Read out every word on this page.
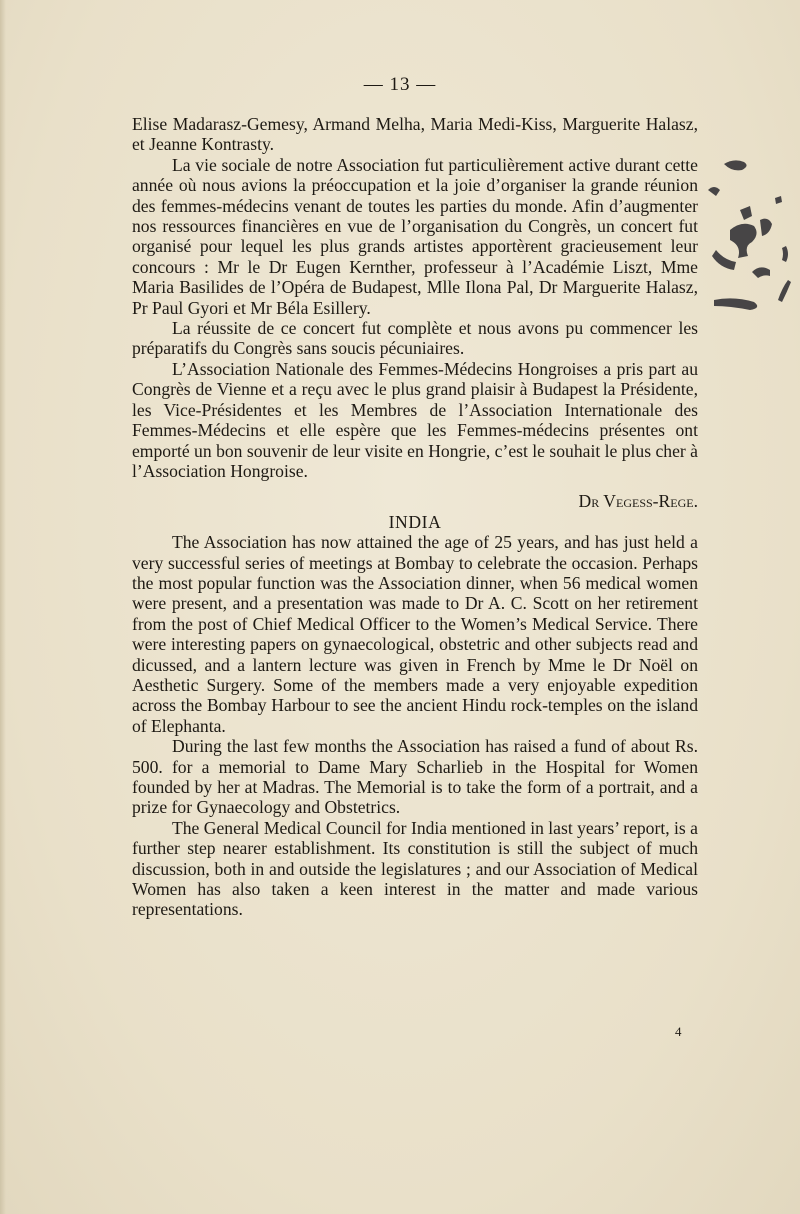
— 13 —

Elise Madarasz-Gemesy, Armand Melha, Maria Medi-Kiss, Marguerite Halasz, et Jeanne Kontrasty.

La vie sociale de notre Association fut particulièrement active durant cette année où nous avions la préoccupation et la joie d’organiser la grande réunion des femmes-médecins venant de toutes les parties du monde. Afin d’augmenter nos ressources financières en vue de l’organisation du Congrès, un concert fut organisé pour lequel les plus grands artistes apportèrent gracieusement leur concours : Mr le Dr Eugen Kernther, professeur à l’Académie Liszt, Mme Maria Basilides de l’Opéra de Budapest, Mlle Ilona Pal, Dr Marguerite Halasz, Pr Paul Gyori et Mr Béla Esillery.

La réussite de ce concert fut complète et nous avons pu commencer les préparatifs du Congrès sans soucis pécuniaires.

L’Association Nationale des Femmes-Médecins Hongroises a pris part au Congrès de Vienne et a reçu avec le plus grand plaisir à Budapest la Présidente, les Vice-Présidentes et les Membres de l’Association Internationale des Femmes-Médecins et elle espère que les Femmes-médecins présentes ont emporté un bon souvenir de leur visite en Hongrie, c’est le souhait le plus cher à l’Association Hongroise.

Dr Vegess-Rege.

INDIA

The Association has now attained the age of 25 years, and has just held a very successful series of meetings at Bombay to celebrate the occasion. Perhaps the most popular function was the Association dinner, when 56 medical women were present, and a presentation was made to Dr A. C. Scott on her retirement from the post of Chief Medical Officer to the Women’s Medical Service. There were interesting papers on gynaecological, obstetric and other subjects read and dicussed, and a lantern lecture was given in French by Mme le Dr Noël on Aesthetic Surgery. Some of the members made a very enjoyable expedition across the Bombay Harbour to see the ancient Hindu rock-temples on the island of Elephanta.

During the last few months the Association has raised a fund of about Rs. 500. for a memorial to Dame Mary Scharlieb in the Hospital for Women founded by her at Madras. The Memorial is to take the form of a portrait, and a prize for Gynaecology and Obstetrics.

The General Medical Council for India mentioned in last years’ report, is a further step nearer establishment. Its constitution is still the subject of much discussion, both in and outside the legislatures ; and our Association of Medical Women has also taken a keen interest in the matter and made various representations.

4
